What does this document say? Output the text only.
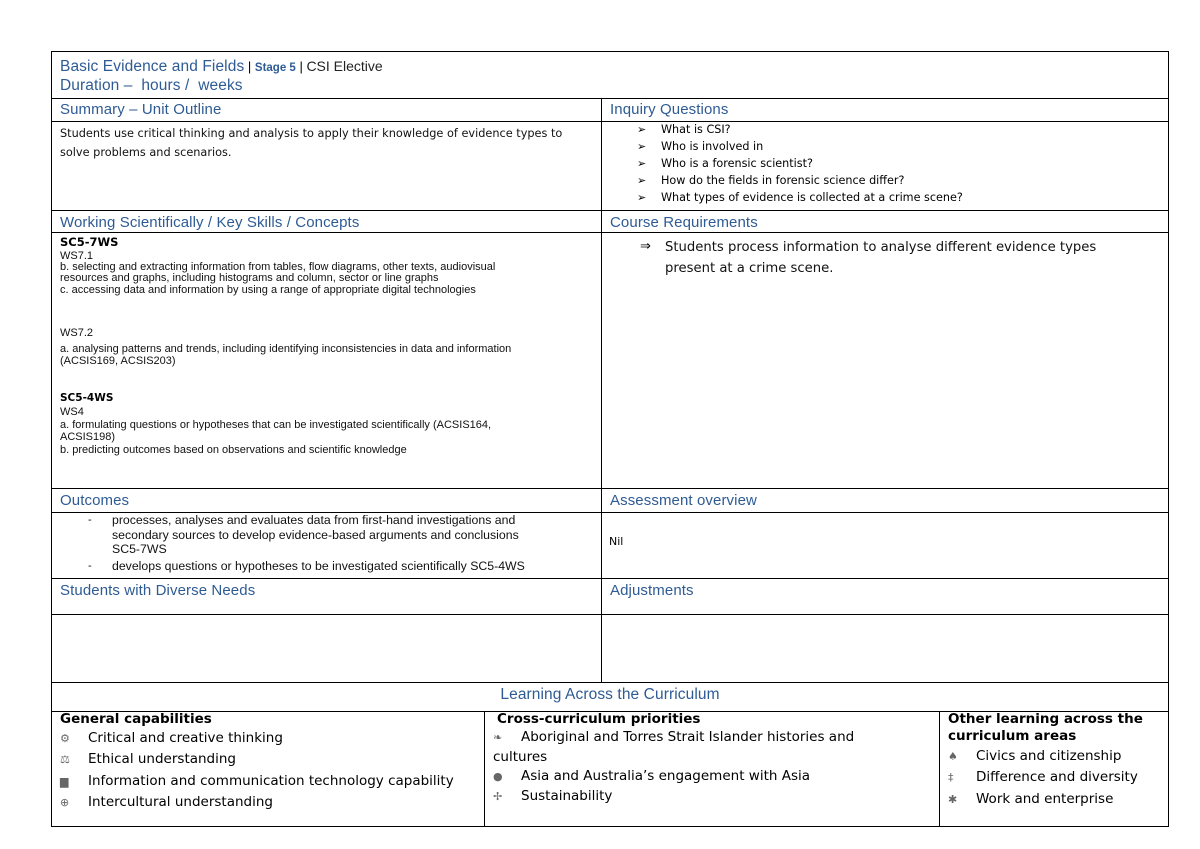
Basic Evidence and Fields | Stage 5 | CSI Elective
Duration –  hours /  weeks
Summary – Unit Outline
Students use critical thinking and analysis to apply their knowledge of evidence types to
solve problems and scenarios.
Inquiry Questions
➢ What is CSI?
➢ Who is involved in
➢ Who is a forensic scientist?
➢ How do the fields in forensic science differ?
➢ What types of evidence is collected at a crime scene?
Working Scientifically / Key Skills / Concepts
SC5-7WS
WS7.1
b. selecting and extracting information from tables, flow diagrams, other texts, audiovisual
resources and graphs, including histograms and column, sector or line graphs
c. accessing data and information by using a range of appropriate digital technologies
WS7.2
a. analysing patterns and trends, including identifying inconsistencies in data and information
(ACSIS169, ACSIS203)
SC5-4WS
WS4
a. formulating questions or hypotheses that can be investigated scientifically (ACSIS164,
ACSIS198)
b. predicting outcomes based on observations and scientific knowledge
Course Requirements
⇒ Students process information to analyse different evidence types
present at a crime scene.
Outcomes
- processes, analyses and evaluates data from first-hand investigations and
secondary sources to develop evidence-based arguments and conclusions
SC5-7WS
- develops questions or hypotheses to be investigated scientifically SC5-4WS
Assessment overview
Nil
Students with Diverse Needs	Adjustments
Learning Across the Curriculum
General capabilities
⚙ Critical and creative thinking
⚖ Ethical understanding
▆ Information and communication technology capability
⊕ Intercultural understanding
Cross-curriculum priorities
❧ Aboriginal and Torres Strait Islander histories and
cultures
● Asia and Australia’s engagement with Asia
✢ Sustainability
Other learning across the
curriculum areas
♠ Civics and citizenship
‡ Difference and diversity
✱ Work and enterprise
